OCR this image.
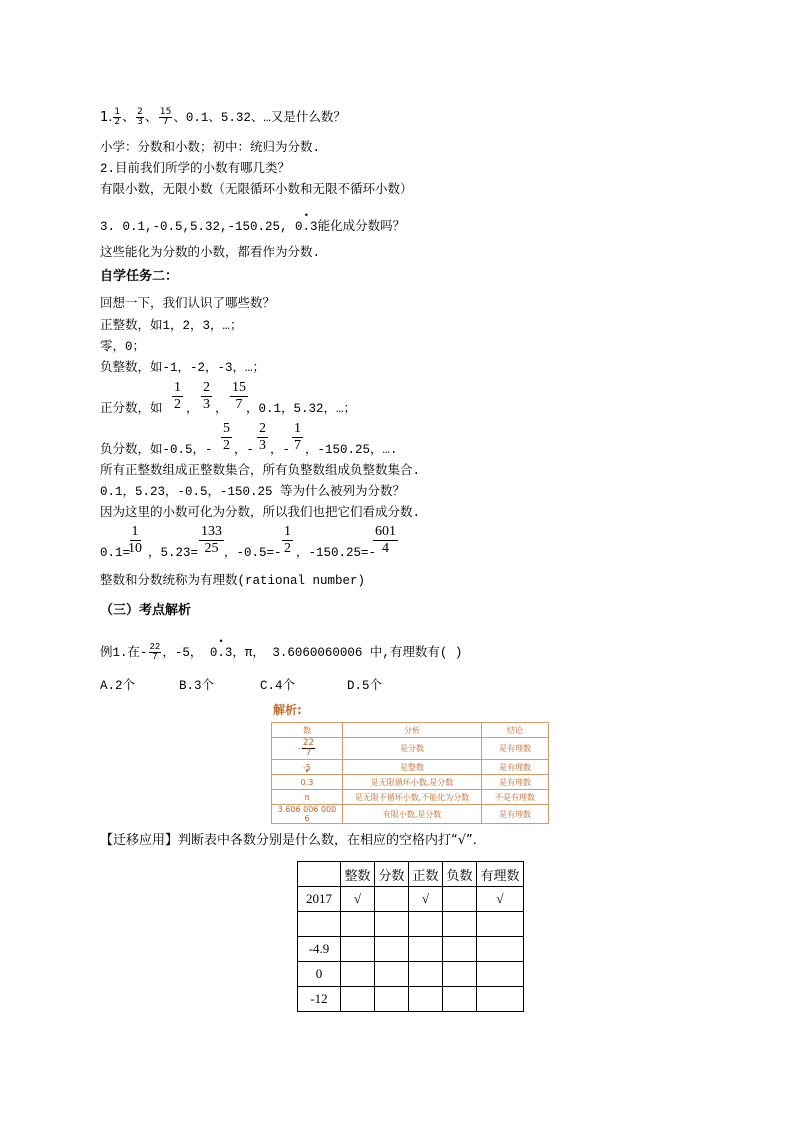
1. $\frac{1}{2}$ 、 $\frac{2}{3}$ 、 $\frac{15}{7}$ 、0.1、5.32、…又是什么数？
小学：分数和小数；初中：统归为分数.
2.目前我们所学的小数有哪几类？
有限小数，无限小数（无限循环小数和无限不循环小数）
3. 0.1,-0.5,5.32,-150.25, • 0.3能化成分数吗？
这些能化为分数的小数，都看作为分数.
自学任务二：
回想一下，我们认识了哪些数？
正整数，如1，2，3，…；
零，0；
负整数，如-1，-2，-3，…；
正分数，如
1
2 ，
2
3 ，
15
7 ，0.1，5.32，…；
负分数，如-0.5，-
5
2 ，-
2
3 ，-
1
7 ，-150.25，….
所有正整数组成正整数集合，所有负整数组成负整数集合.
0.1，5.23，-0.5，-150.25 等为什么被列为分数？
因为这里的小数可化为分数，所以我们也把它们看成分数.
0.1=
1
10 ，5.23=
133
25 ，-0.5=-
1
2 ，-150.25=-
601
4
整数和分数统称为有理数(rational number)
（三）考点解析
例1.在- $\frac{22}{7}$ ，-5， • 0.3，π， 3.6060060006 中,有理数有( )
A.2个	B.3个	C.4个	D.5个
解析:
数	分析	结论
- $\frac{22}{7}$	是分数	是有理数
-5	是整数	是有理数
• 0.3	是无限循环小数,是分数	是有理数
π	是无限不循环小数,不能化为分数	不是有理数
3.606 006 000 6	有限小数,是分数	是有理数
【迁移应用】判断表中各数分别是什么数，在相应的空格内打“√”.
	整数	分数	正数	负数	有理数
2017	√		√		√

-4.9					
0					
-12					
